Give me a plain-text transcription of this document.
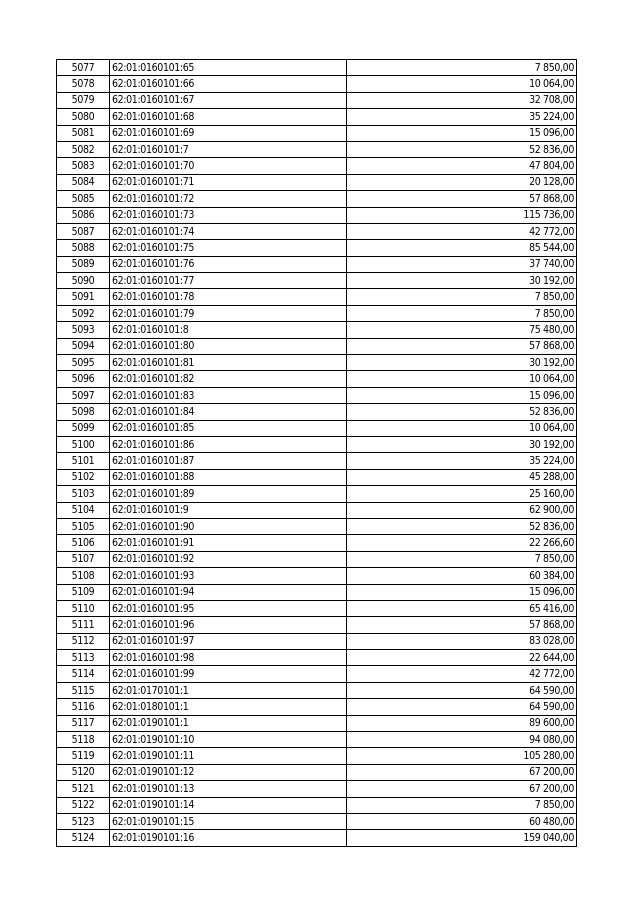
5077	62:01:0160101:65	7 850,00
5078	62:01:0160101:66	10 064,00
5079	62:01:0160101:67	32 708,00
5080	62:01:0160101:68	35 224,00
5081	62:01:0160101:69	15 096,00
5082	62:01:0160101:7	52 836,00
5083	62:01:0160101:70	47 804,00
5084	62:01:0160101:71	20 128,00
5085	62:01:0160101:72	57 868,00
5086	62:01:0160101:73	115 736,00
5087	62:01:0160101:74	42 772,00
5088	62:01:0160101:75	85 544,00
5089	62:01:0160101:76	37 740,00
5090	62:01:0160101:77	30 192,00
5091	62:01:0160101:78	7 850,00
5092	62:01:0160101:79	7 850,00
5093	62:01:0160101:8	75 480,00
5094	62:01:0160101:80	57 868,00
5095	62:01:0160101:81	30 192,00
5096	62:01:0160101:82	10 064,00
5097	62:01:0160101:83	15 096,00
5098	62:01:0160101:84	52 836,00
5099	62:01:0160101:85	10 064,00
5100	62:01:0160101:86	30 192,00
5101	62:01:0160101:87	35 224,00
5102	62:01:0160101:88	45 288,00
5103	62:01:0160101:89	25 160,00
5104	62:01:0160101:9	62 900,00
5105	62:01:0160101:90	52 836,00
5106	62:01:0160101:91	22 266,60
5107	62:01:0160101:92	7 850,00
5108	62:01:0160101:93	60 384,00
5109	62:01:0160101:94	15 096,00
5110	62:01:0160101:95	65 416,00
5111	62:01:0160101:96	57 868,00
5112	62:01:0160101:97	83 028,00
5113	62:01:0160101:98	22 644,00
5114	62:01:0160101:99	42 772,00
5115	62:01:0170101:1	64 590,00
5116	62:01:0180101:1	64 590,00
5117	62:01:0190101:1	89 600,00
5118	62:01:0190101:10	94 080,00
5119	62:01:0190101:11	105 280,00
5120	62:01:0190101:12	67 200,00
5121	62:01:0190101:13	67 200,00
5122	62:01:0190101:14	7 850,00
5123	62:01:0190101:15	60 480,00
5124	62:01:0190101:16	159 040,00
